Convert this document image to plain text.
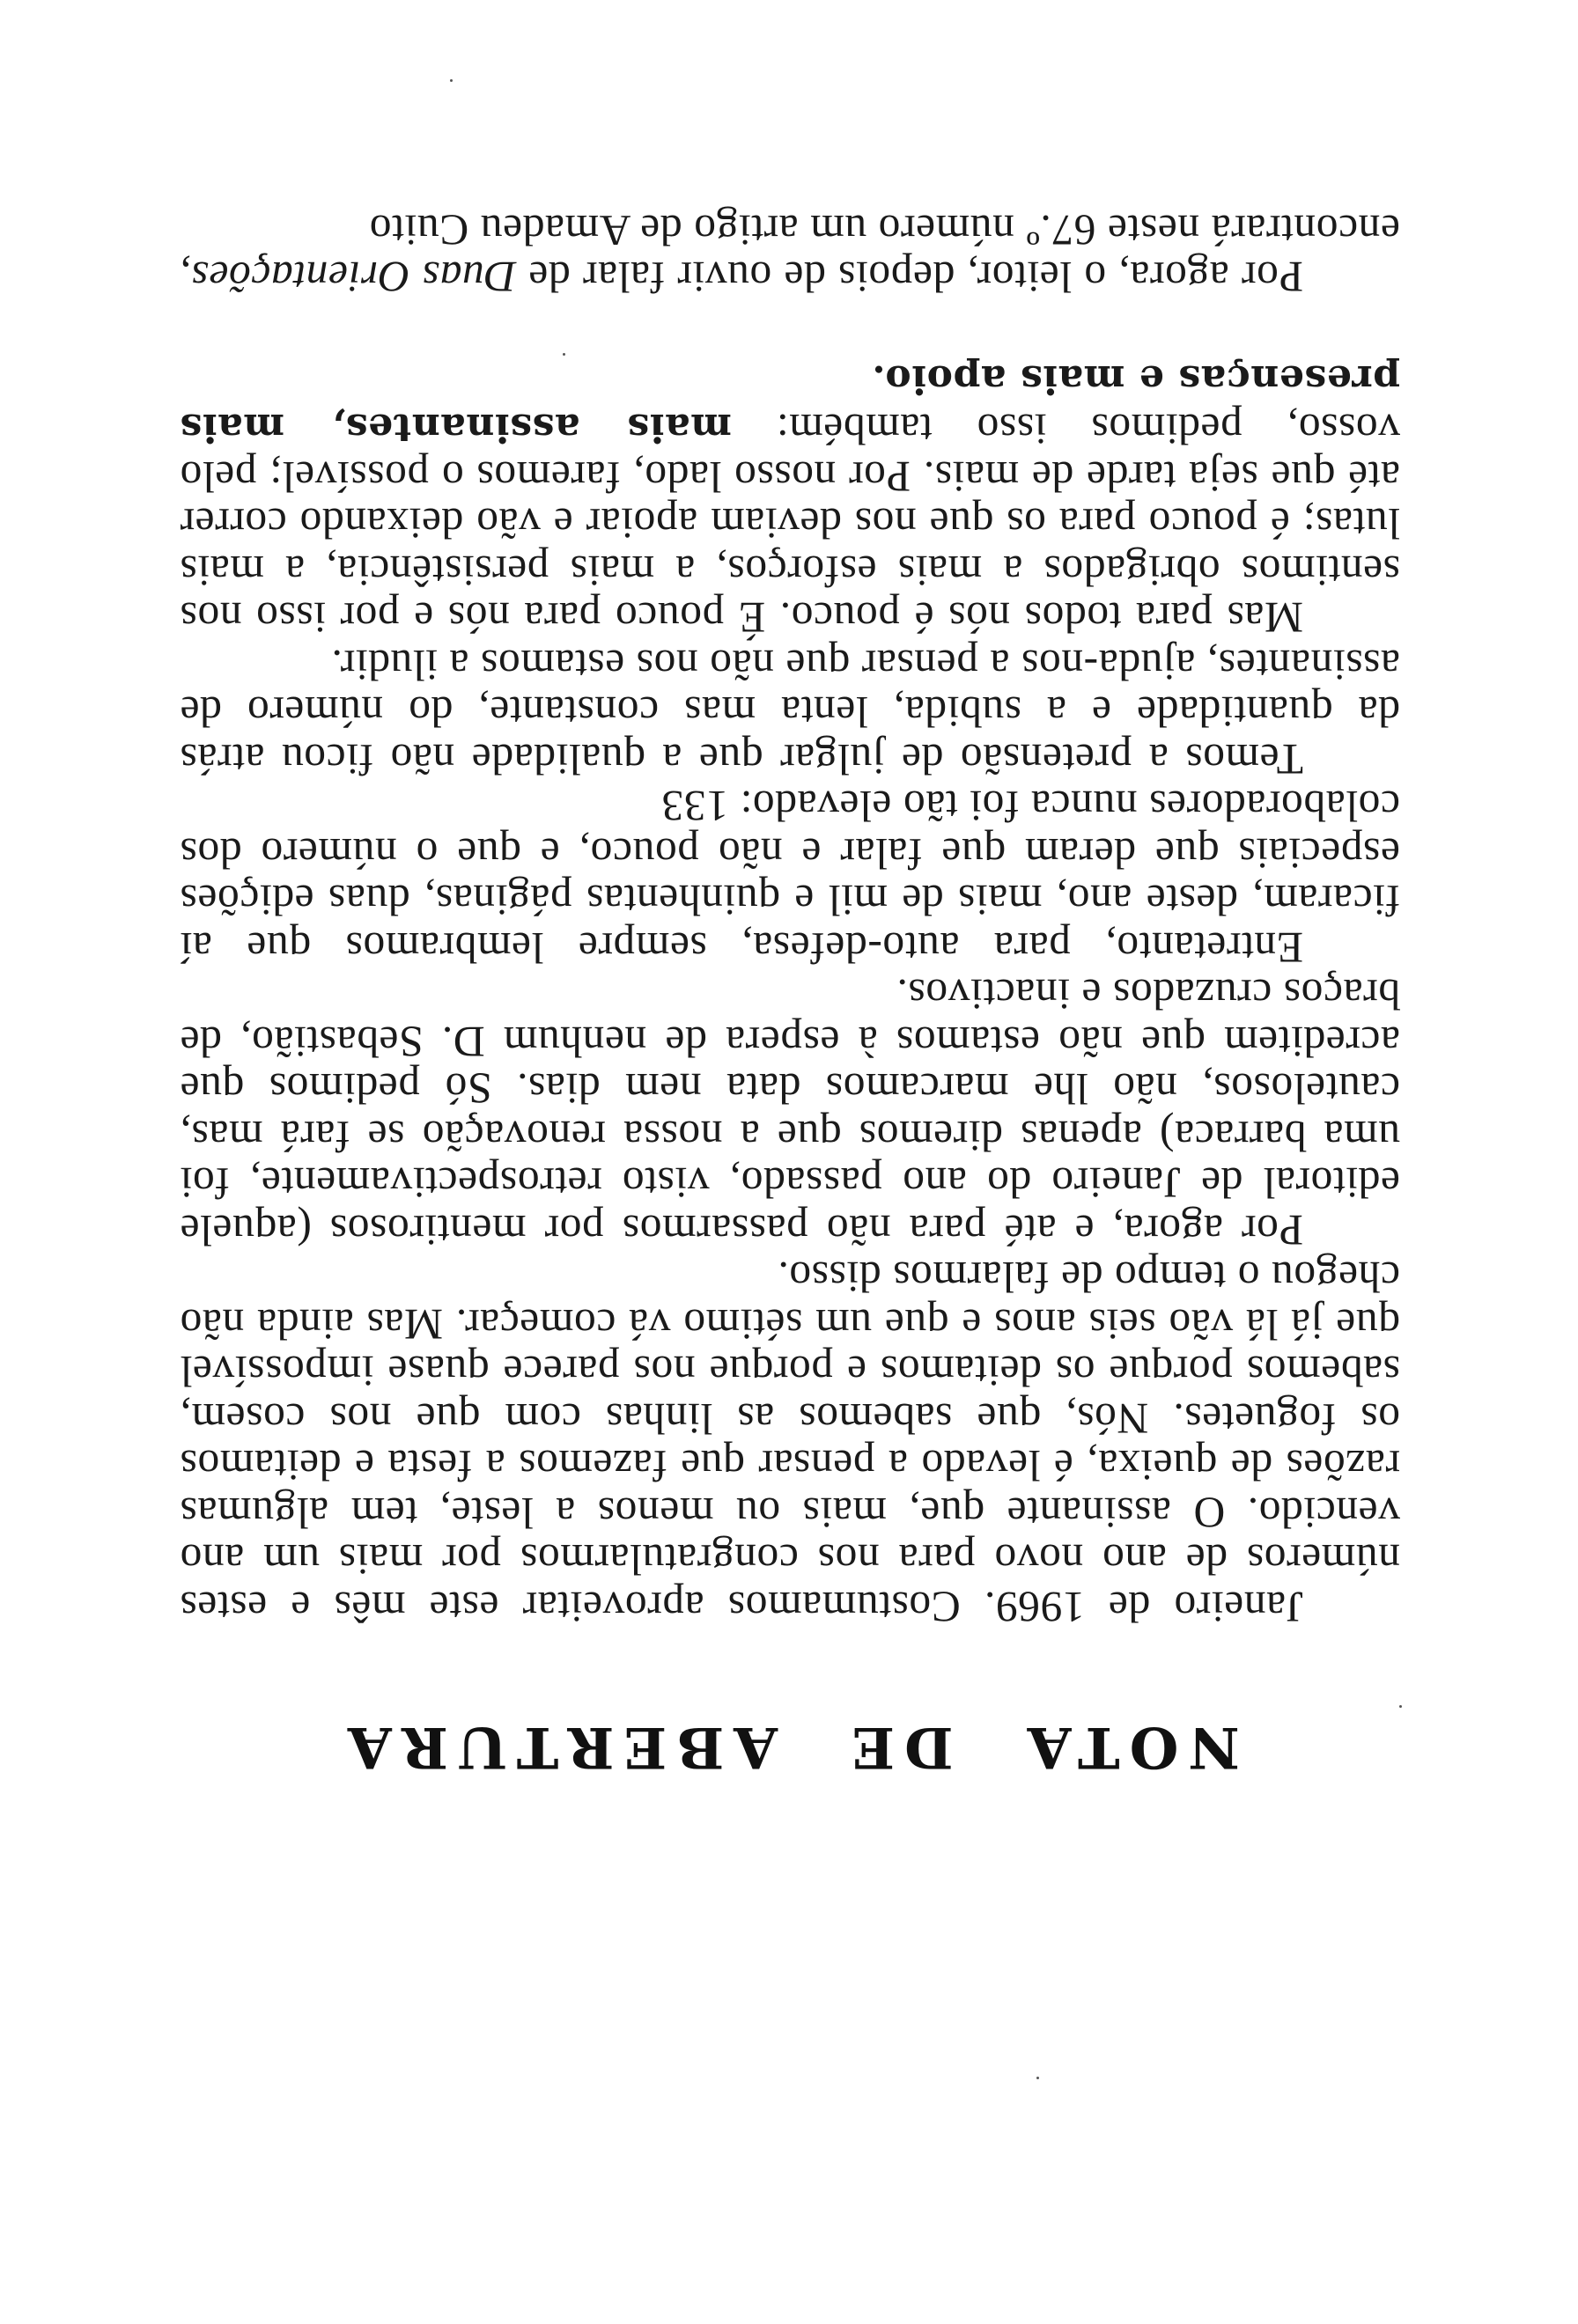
NOTA DE ABERTURA

Janeiro de 1969. Costumamos aproveitar este mês e estes números de ano novo para nos congratularmos por mais um ano vencido. O assinante que, mais ou menos a leste, tem algumas razões de queixa, é levado a pensar que fazemos a festa e deitamos os foguetes. Nós, que sabemos as linhas com que nos cosem, sabemos porque os deitamos e porque nos parece quase impossível que já lá vão seis anos e que um sétimo vá começar. Mas ainda não chegou o tempo de falarmos disso.

Por agora, e até para não passarmos por mentirosos (aquele editoral de Janeiro do ano passado, visto retrospectivamente, foi uma barraca) apenas diremos que a nossa renovação se fará mas, cautelosos, não lhe marcamos data nem dias. Só pedimos que acreditem que não estamos à espera de nenhum D. Sebastião, de braços cruzados e inactivos.

Entretanto, para auto-defesa, sempre lembramos que aí ficaram, deste ano, mais de mil e quinhentas páginas, duas edições especiais que deram que falar e não pouco, e que o número dos colaboradores nunca foi tão elevado: 133

Temos a pretensão de julgar que a qualidade não ficou atrás da quantidade e a subida, lenta mas constante, do número de assinantes, ajuda-nos a pensar que não nos estamos a iludir.

Mas para todos nós é pouco. É pouco para nós e por isso nos sentimos obrigados a mais esforços, a mais persistência, a mais lutas; é pouco para os que nos deviam apoiar e vão deixando correr até que seja tarde de mais. Por nosso lado, faremos o possível; pelo vosso, pedimos isso também: mais assinantes, mais presenças e mais apoio.

Por agora, o leitor, depois de ouvir falar de Duas Orientações, encontrará neste 67.º número um artigo de Amadeu Cuito
